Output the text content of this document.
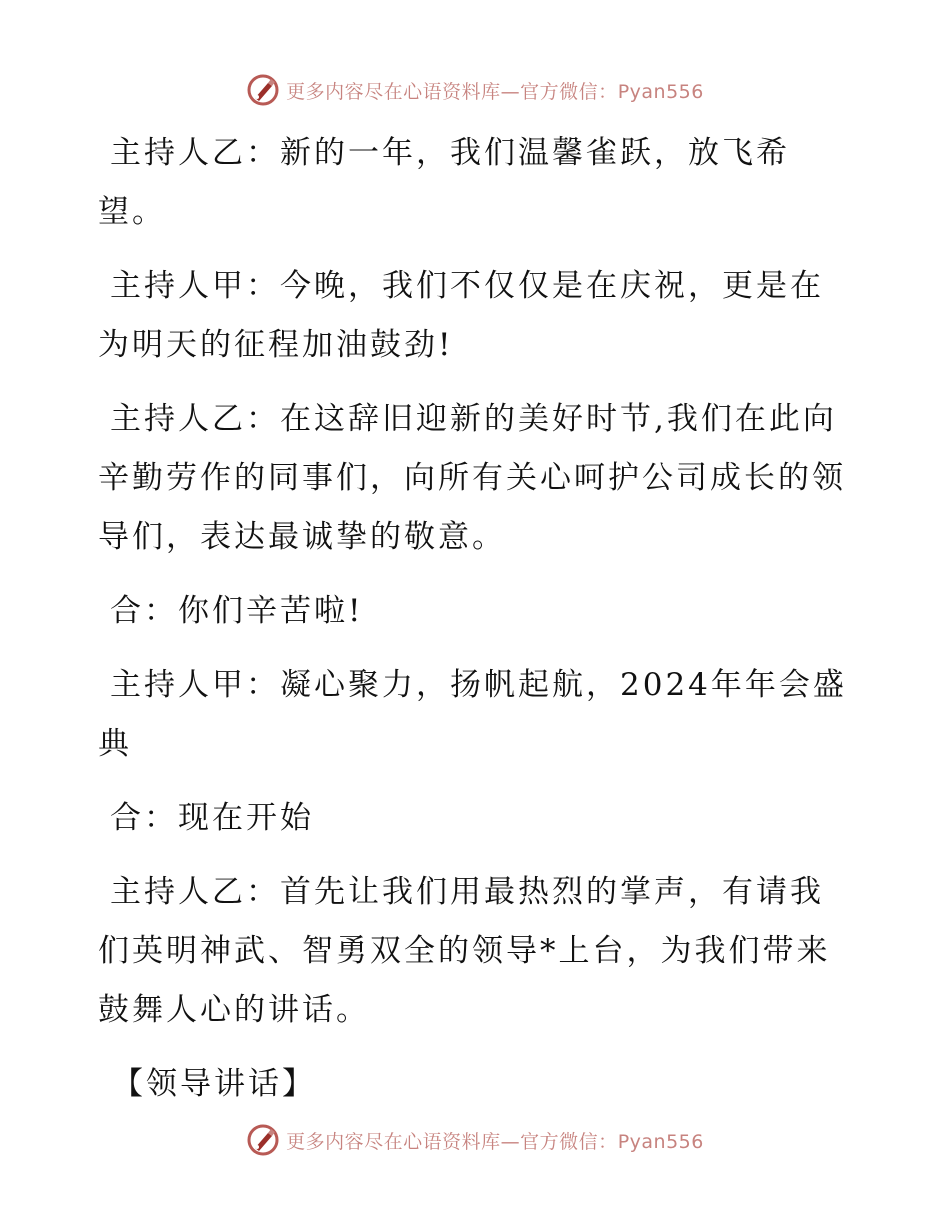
更多内容尽在心语资料库—官方微信：Pyan556
主持人乙：新的一年，我们温馨雀跃，放飞希
望。
主持人甲：今晚，我们不仅仅是在庆祝，更是在
为明天的征程加油鼓劲!
主持人乙：在这辞旧迎新的美好时节,我们在此向
辛勤劳作的同事们，向所有关心呵护公司成长的领
导们，表达最诚挚的敬意。
合：你们辛苦啦!
主持人甲：凝心聚力，扬帆起航，2024年年会盛
典
合：现在开始
主持人乙：首先让我们用最热烈的掌声，有请我
们英明神武、智勇双全的领导*上台，为我们带来
鼓舞人心的讲话。
【领导讲话】
更多内容尽在心语资料库—官方微信：Pyan556
